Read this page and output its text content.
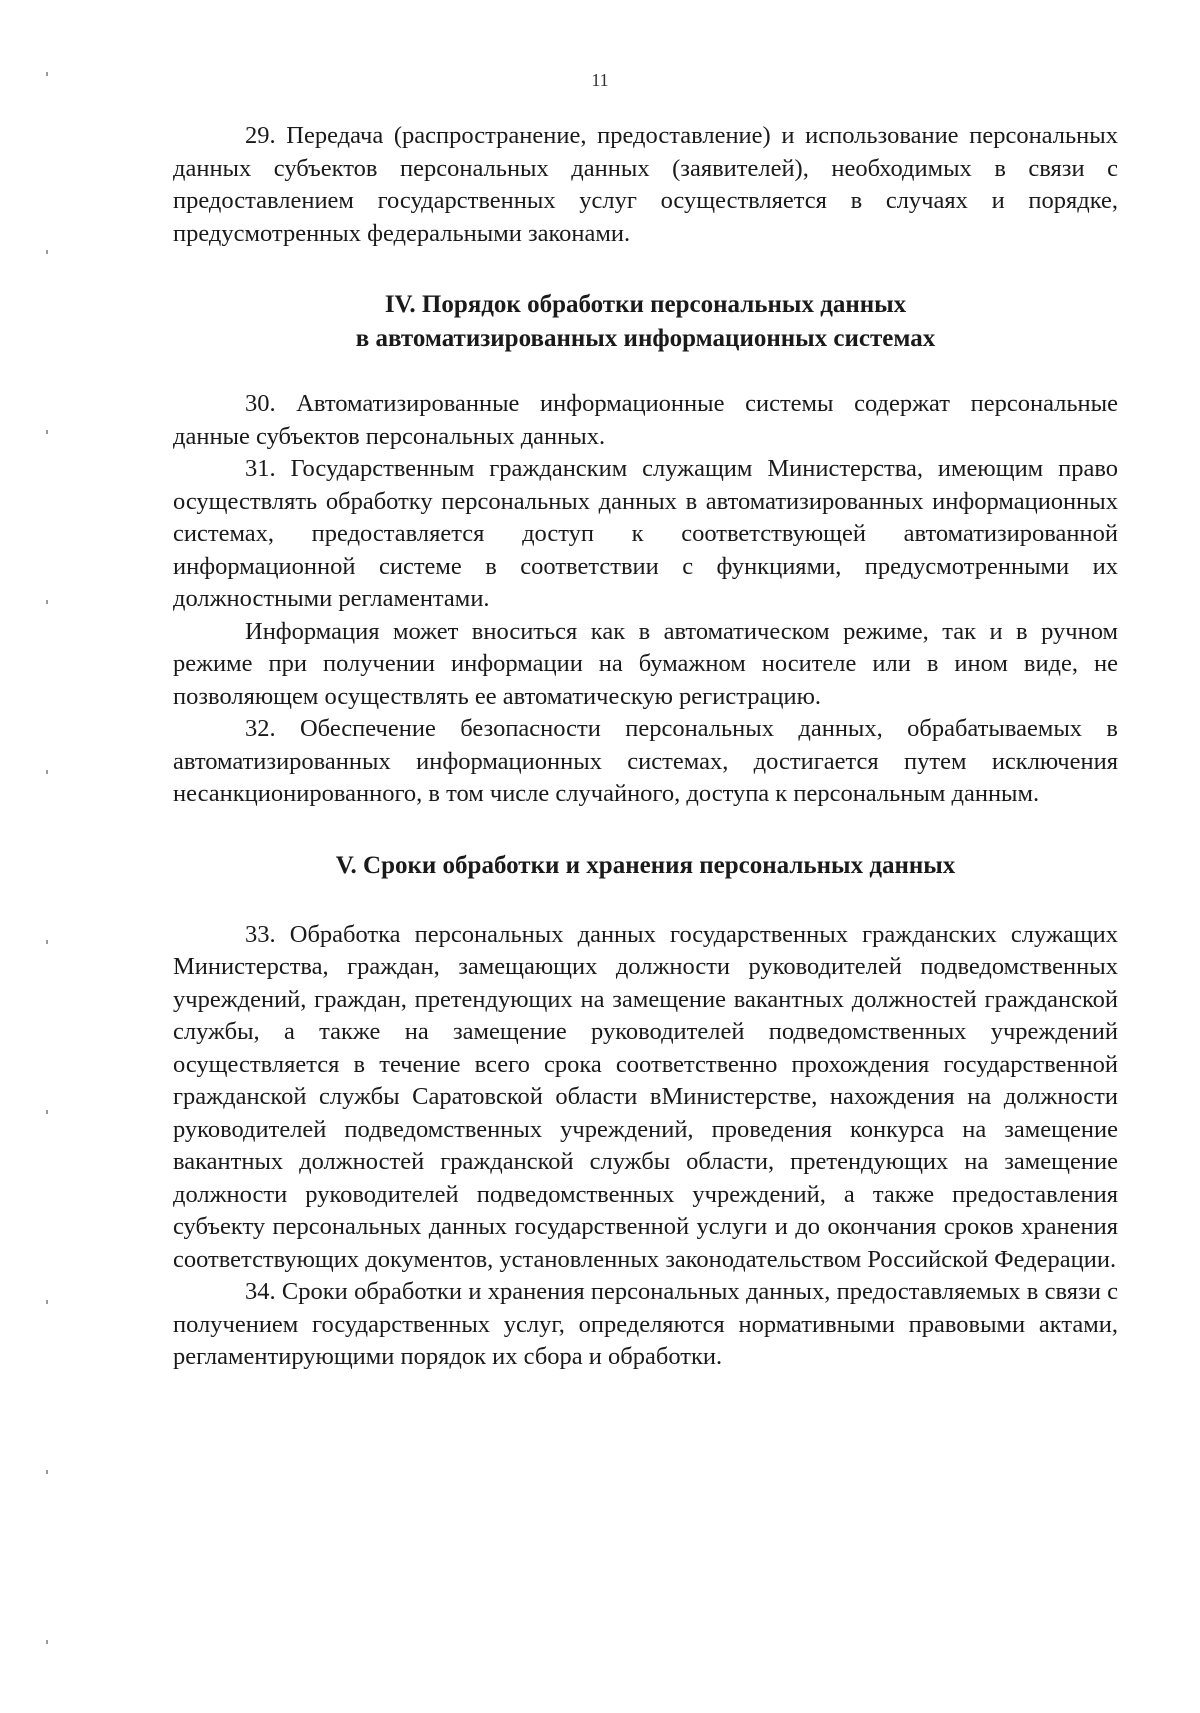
11

29. Передача (распространение, предоставление) и использование персональных данных субъектов персональных данных (заявителей), необходимых в связи с предоставлением государственных услуг осуществляется в случаях и порядке, предусмотренных федеральными законами.

IV. Порядок обработки персональных данных
в автоматизированных информационных системах

30. Автоматизированные информационные системы содержат персональные данные субъектов персональных данных.

31. Государственным гражданским служащим Министерства, имеющим право осуществлять обработку персональных данных в автоматизированных информационных системах, предоставляется доступ к соответствующей автоматизированной информационной системе в соответствии с функциями, предусмотренными их должностными регламентами.

Информация может вноситься как в автоматическом режиме, так и в ручном режиме при получении информации на бумажном носителе или в ином виде, не позволяющем осуществлять ее автоматическую регистрацию.

32. Обеспечение безопасности персональных данных, обрабатываемых в автоматизированных информационных системах, достигается путем исключения несанкционированного, в том числе случайного, доступа к персональным данным.

V. Сроки обработки и хранения персональных данных

33. Обработка персональных данных государственных гражданских служащих Министерства, граждан, замещающих должности руководителей подведомственных учреждений, граждан, претендующих на замещение вакантных должностей гражданской службы, а также на замещение руководителей подведомственных учреждений осуществляется в течение всего срока соответственно прохождения государственной гражданской службы Саратовской области вМинистерстве, нахождения на должности руководителей подведомственных учреждений, проведения конкурса на замещение вакантных должностей гражданской службы области, претендующих на замещение должности руководителей подведомственных учреждений, а также предоставления субъекту персональных данных государственной услуги и до окончания сроков хранения соответствующих документов, установленных законодательством Российской Федерации.

34. Сроки обработки и хранения персональных данных, предоставляемых в связи с получением государственных услуг, определяются нормативными правовыми актами, регламентирующими порядок их сбора и обработки.
